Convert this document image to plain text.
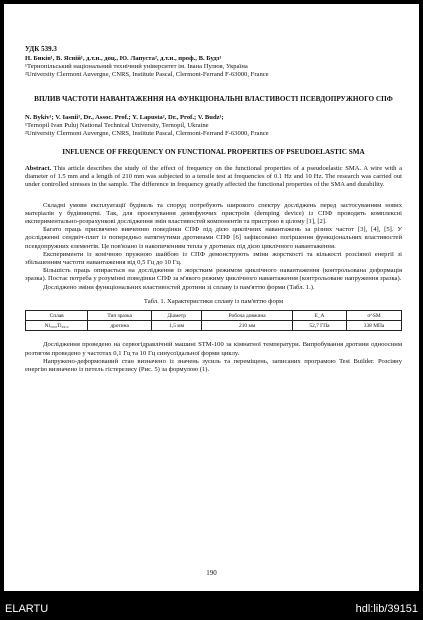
УДК 539.3
Н. Биків¹, В. Ясній¹, д.т.н., доц., Ю. Лапуста², д.т.н., проф., В. Будз¹
¹Тернопільський національний технічний університет ім. Івана Пулюя, Україна
²University Clermont Auvergne, CNRS, Institute Pascal, Clermont-Ferrand F-63000, France
ВПЛИВ ЧАСТОТИ НАВАНТАЖЕННЯ НА ФУНКЦІОНАЛЬНІ ВЛАСТИВОСТІ ПСЕВДОПРУЖНОГО СПФ
N. Bykiv¹; V. Iasnii¹, Dr., Assoc. Prof.; Y. Lapusta², Dr., Prof.; V. Budz¹;
¹Ternopil Ivan Puluj National Technical University, Ternopil, Ukraine
²University Clermont Auvergne, CNRS, Institute Pascal, Clermont-Ferrand F-63000, France
INFLUENCE OF FREQUENCY ON FUNCTIONAL PROPERTIES OF PSEUDOELASTIC SMA
Abstract. This article describes the study of the effect of frequency on the functional properties of a pseudoelastic SMA. A wire with a diameter of 1.5 mm and a length of 210 mm was subjected to a tensile test at frequencies of 0.1 Hz and 10 Hz. The research was carried out under controlled stresses in the sample. The difference in frequency greatly affected the functional properties of the SMA and durability.

Складні умови експлуатації будівель та споруд потребують широкого спектру досліджень перед застосуванням нових матеріалів у будівництві. Так, для проектування демпфуючих пристроїв (demping device) із СПФ проводять комплексні експериментально-розрахункові дослідження змін властивостей компонентів та пристрою в цілому [1], [2].

Багато праць присвячено вивченню поведінки СПФ під дією циклічних навантажень за різних частот [3], [4], [5]. У дослідженні сендвіч-плит із попередньо натягнутими дротинами СПФ [6] зафіксовано погіршення функціональних властивостей псевдопружних елементів. Це пов'язано із накопиченням тепла у дротинах під дією циклічного навантаження.

Експерименти із конічною пружною шайбою із СПФ демонструють зміни жорсткості та кількості розсіяної енергії зі збільшенням частоти навантаження від 0,5 Гц до 10 Гц.

Більшість праць опирається на дослідження із жорстким режимом циклічного навантаження (контрольована деформація зразка). Постає потреба у розумінні поведінки СПФ за м'якого режиму циклічного навантаження (контрольоване напруження зразка).

Досліджено зміни функціональних властивостей дротини зі сплаву із пам'яттю форми (Табл. 1.).

Табл. 1. Характеристики сплаву із пам'яттю форм
Сплав	Тип зразка	Діаметр	Робоча довжина	E_A	σ^SM
Ni₅₀,₈Ti₄₉,₂	дротина	1,5 мм	210 мм	52,7 ГПа	338 МПа

Дослідження проведено на сервогідравлічній машині STM-100 за кімнатної температури. Випробування дротини одноосним розтягом проведено у частотах 0,1 Гц та 10 Гц синусоїдальної форми циклу.

Напружено-деформований стан визначено із значень зусиль та переміщень, записаних програмою Test Builder. Розсіяну енергію визначено із петель гістерезису (Рис. 5) за формулою (1).

190
ELARTU	hdl:lib/39151
